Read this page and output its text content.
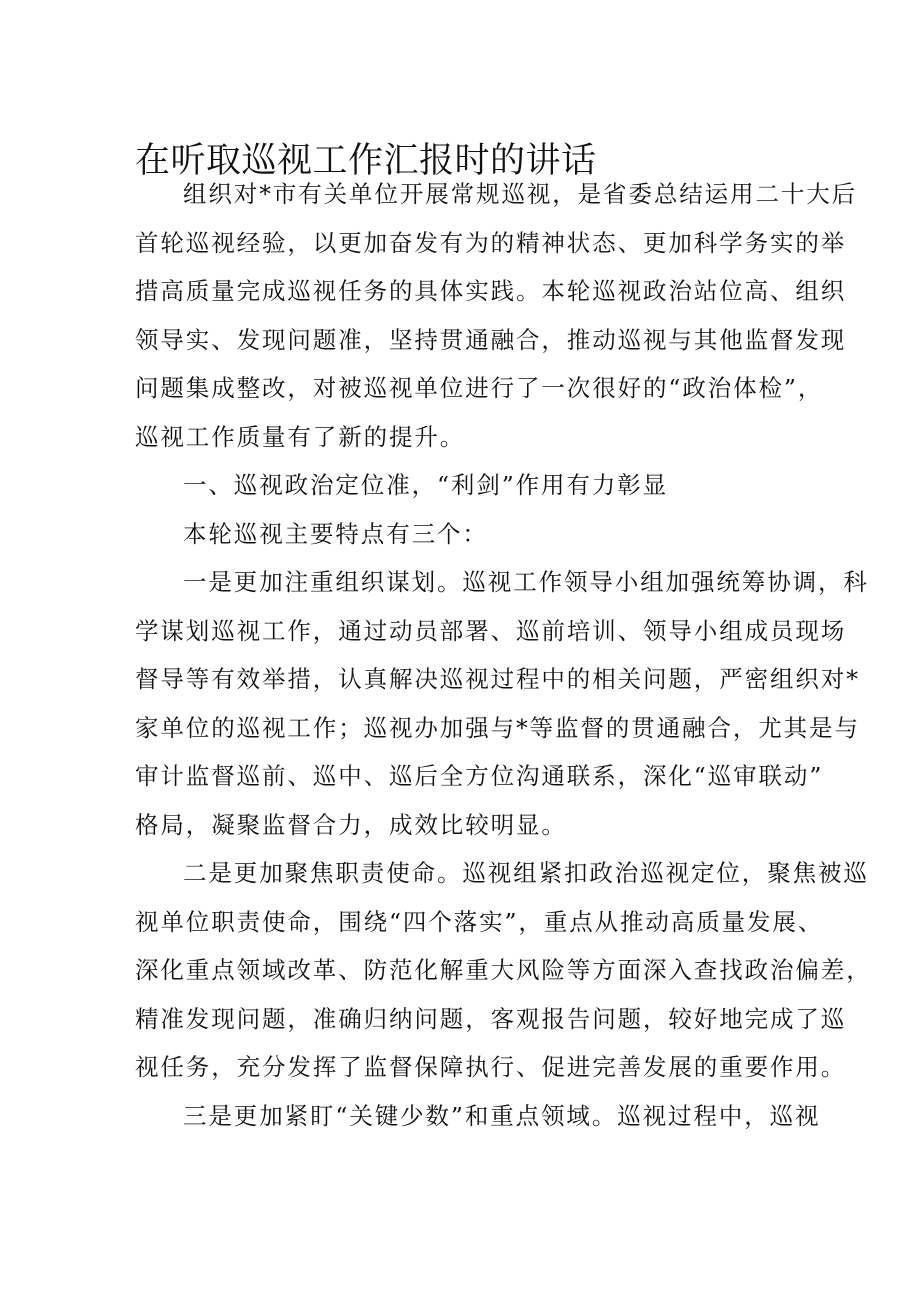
在听取巡视工作汇报时的讲话
组织对*市有关单位开展常规巡视，是省委总结运用二十大后
首轮巡视经验，以更加奋发有为的精神状态、更加科学务实的举
措高质量完成巡视任务的具体实践。本轮巡视政治站位高、组织
领导实、发现问题准，坚持贯通融合，推动巡视与其他监督发现
问题集成整改，对被巡视单位进行了一次很好的“政治体检”，
巡视工作质量有了新的提升。
一、巡视政治定位准，“利剑”作用有力彰显
本轮巡视主要特点有三个：
一是更加注重组织谋划。巡视工作领导小组加强统筹协调，科
学谋划巡视工作，通过动员部署、巡前培训、领导小组成员现场
督导等有效举措，认真解决巡视过程中的相关问题，严密组织对*
家单位的巡视工作；巡视办加强与*等监督的贯通融合，尤其是与
审计监督巡前、巡中、巡后全方位沟通联系，深化“巡审联动”
格局，凝聚监督合力，成效比较明显。
二是更加聚焦职责使命。巡视组紧扣政治巡视定位，聚焦被巡
视单位职责使命，围绕“四个落实”，重点从推动高质量发展、
深化重点领域改革、防范化解重大风险等方面深入查找政治偏差，
精准发现问题，准确归纳问题，客观报告问题，较好地完成了巡
视任务，充分发挥了监督保障执行、促进完善发展的重要作用。
三是更加紧盯“关键少数”和重点领域。巡视过程中，巡视
